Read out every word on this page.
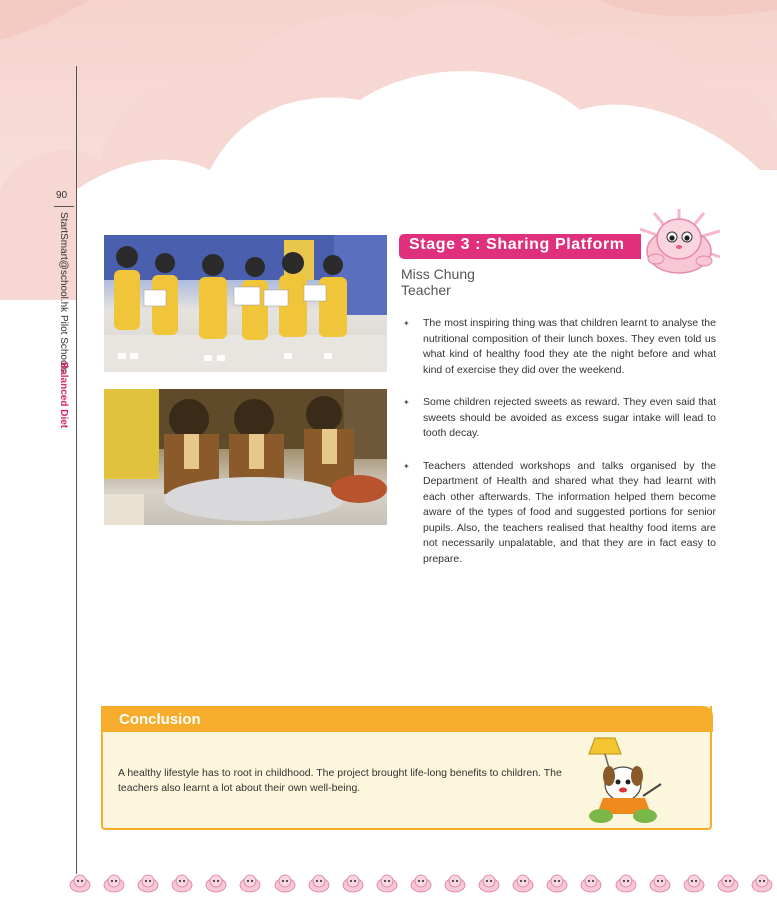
90
StartSmart@school.hk Pilot Schools
Balanced Diet
Stage 3 : Sharing Platform
Miss Chung
Teacher
✦ The most inspiring thing was that children learnt to analyse the nutritional composition of their lunch boxes. They even told us what kind of healthy food they ate the night before and what kind of exercise they did over the weekend.
✦ Some children rejected sweets as reward. They even said that sweets should be avoided as excess sugar intake will lead to tooth decay.
✦ Teachers attended workshops and talks organised by the Department of Health and shared what they had learnt with each other afterwards. The information helped them become aware of the types of food and suggested portions for senior pupils. Also, the teachers realised that healthy food items are not necessarily unpalatable, and that they are in fact easy to prepare.
Conclusion
A healthy lifestyle has to root in childhood. The project brought life-long benefits to children. The teachers also learnt a lot about their own well-being.
